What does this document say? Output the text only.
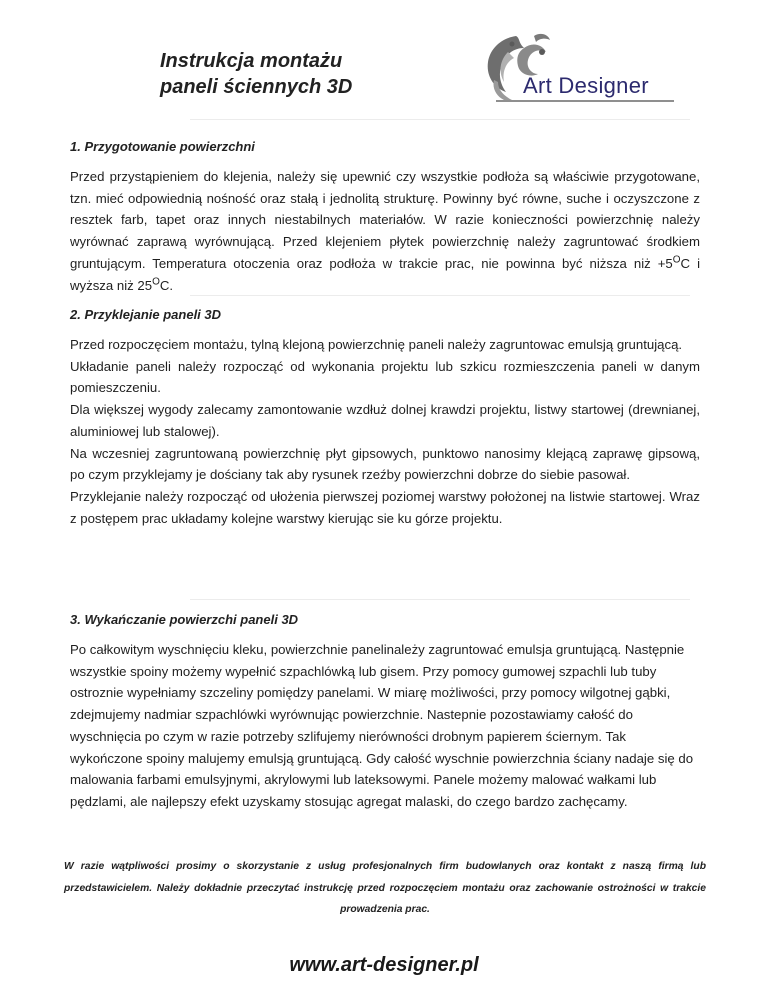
Instrukcja montażu
paneli ściennych 3D	Art Designer
1. Przygotowanie powierzchni
Przed przystąpieniem do klejenia, należy się upewnić czy wszystkie podłoża są właściwie przygotowane, tzn. mieć odpowiednią nośność oraz stałą i jednolitą strukturę. Powinny być równe, suche i oczyszczone z resztek farb, tapet oraz innych niestabilnych materiałów. W razie konieczności powierzchnię należy wyrównać zaprawą wyrównującą. Przed klejeniem płytek powierzchnię należy zagruntować środkiem gruntującym. Temperatura otoczenia oraz podłoża w trakcie prac, nie powinna być niższa niż $+5^OC$ i wyższa niż $25^OC$.
2. Przyklejanie paneli 3D
Przed rozpoczęciem montażu, tylną klejoną powierzchnię paneli należy zagruntowac emulsją gruntującą.
Układanie paneli należy rozpocząć od wykonania projektu lub szkicu rozmieszczenia paneli w danym pomieszczeniu.
Dla większej wygody zalecamy zamontowanie wzdłuż dolnej krawdzi projektu, listwy startowej (drewnianej, aluminiowej lub stalowej).
Na wczesniej zagruntowaną powierzchnię płyt gipsowych, punktowo nanosimy klejącą zaprawę gipsową, po czym przyklejamy je dościany tak aby rysunek rzeźby powierzchni dobrze do siebie pasował.
Przyklejanie należy rozpocząć od ułożenia pierwszej poziomej warstwy położonej na listwie startowej. Wraz z postępem prac układamy kolejne warstwy kierując sie ku górze projektu.
3. Wykańczanie powierzchi paneli 3D
Po całkowitym wyschnięciu kleku, powierzchnie panelinależy zagruntować emulsja gruntującą. Następnie wszystkie spoiny możemy wypełnić szpachlówką lub gisem. Przy pomocy gumowej szpachli lub tuby ostroznie wypełniamy szczeliny pomiędzy panelami. W miarę możliwości, przy pomocy wilgotnej gąbki, zdejmujemy nadmiar szpachlówki wyrównując powierzchnie. Nastepnie pozostawiamy całość do wyschnięcia po czym w razie potrzeby szlifujemy nierówności drobnym papierem ściernym. Tak wykończone spoiny malujemy emulsją gruntującą. Gdy całość wyschnie powierzchnia ściany nadaje się do malowania farbami emulsyjnymi, akrylowymi lub lateksowymi. Panele możemy malować wałkami lub pędzlami, ale najlepszy efekt uzyskamy stosując agregat malaski, do czego bardzo zachęcamy.
W razie wątpliwości prosimy o skorzystanie z usług profesjonalnych firm budowlanych oraz kontakt z naszą firmą lub przedstawicielem. Należy dokładnie przeczytać instrukcję przed rozpoczęciem montażu oraz zachowanie ostrożności w trakcie prowadzenia prac.
www.art-designer.pl
